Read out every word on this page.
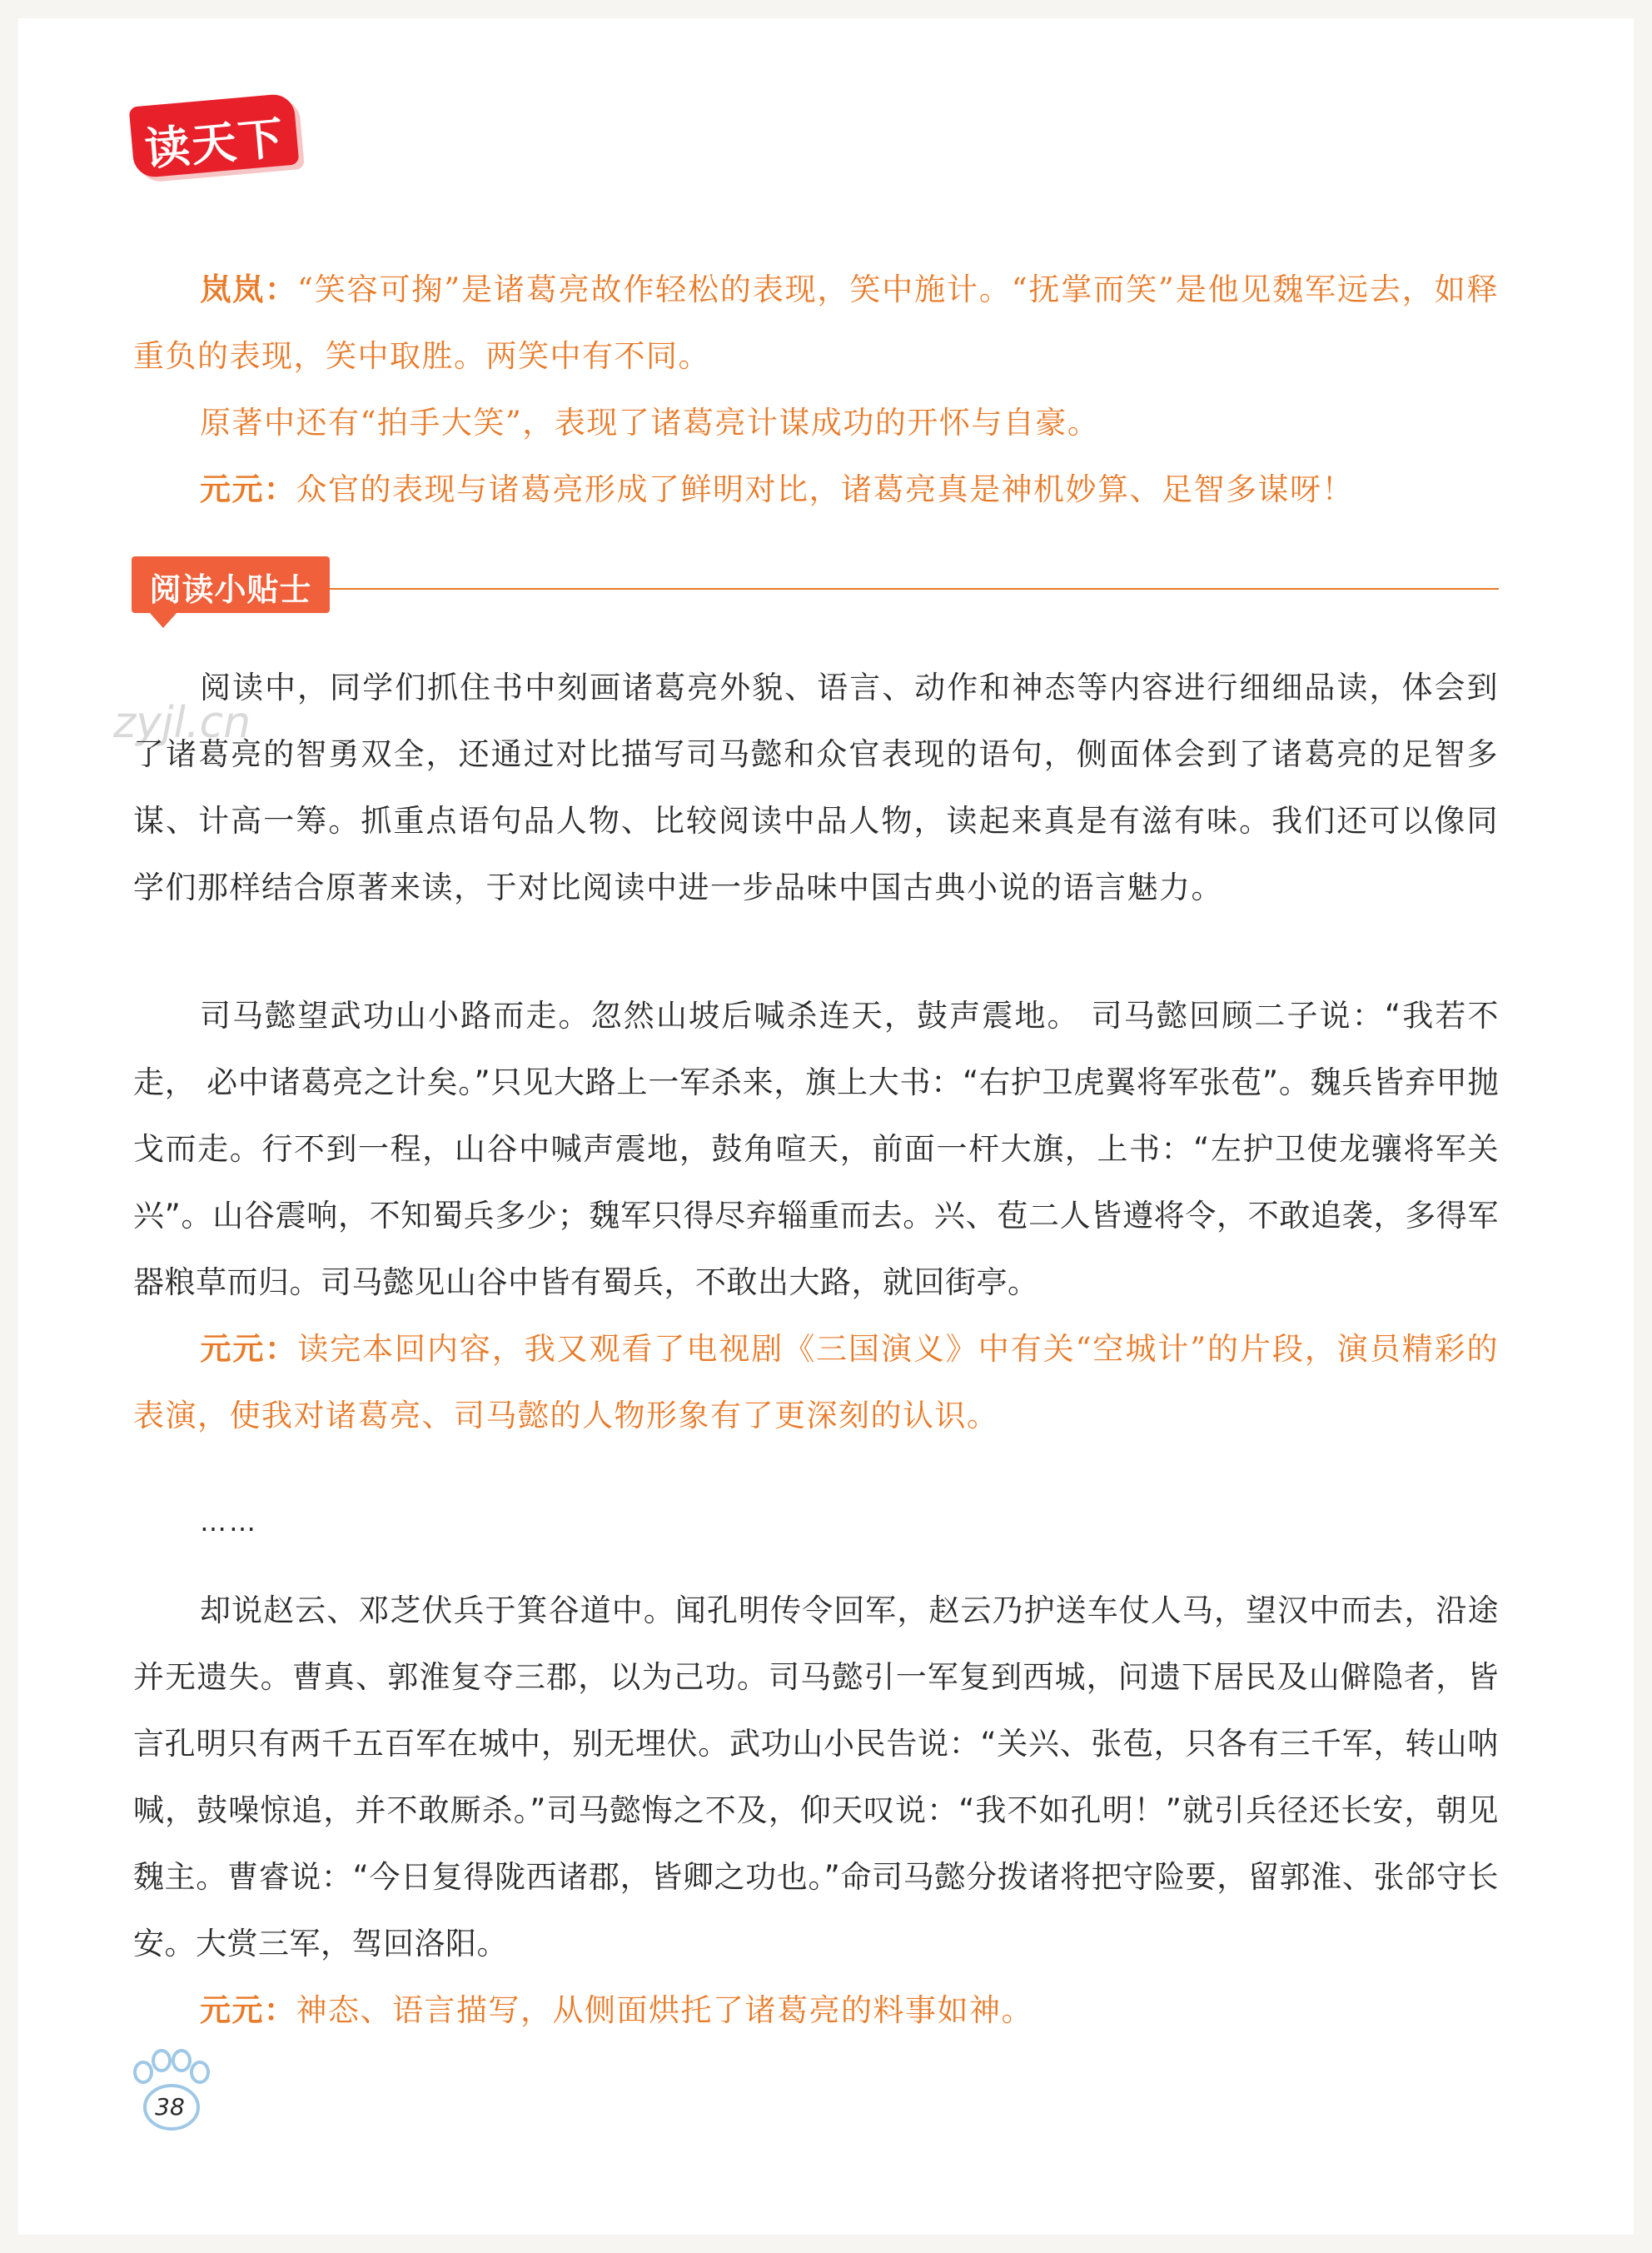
读天下

岚岚：“笑容可掬”是诸葛亮故作轻松的表现，笑中施计。“抚掌而笑”是他见魏军远去，如释重负的表现，笑中取胜。两笑中有不同。

原著中还有“拍手大笑”，表现了诸葛亮计谋成功的开怀与自豪。

元元：众官的表现与诸葛亮形成了鲜明对比，诸葛亮真是神机妙算、足智多谋呀！

阅读小贴士
zyjl.cn

阅读中，同学们抓住书中刻画诸葛亮外貌、语言、动作和神态等内容进行细细品读，体会到了诸葛亮的智勇双全，还通过对比描写司马懿和众官表现的语句，侧面体会到了诸葛亮的足智多谋、计高一筹。抓重点语句品人物、比较阅读中品人物，读起来真是有滋有味。我们还可以像同学们那样结合原著来读，于对比阅读中进一步品味中国古典小说的语言魅力。

司马懿望武功山小路而走。忽然山坡后喊杀连天，鼓声震地。 司马懿回顾二子说：“我若不走， 必中诸葛亮之计矣。”只见大路上一军杀来，旗上大书：“右护卫虎翼将军张苞”。魏兵皆弃甲抛戈而走。行不到一程，山谷中喊声震地，鼓角喧天，前面一杆大旗，上书：“左护卫使龙骧将军关兴”。山谷震响，不知蜀兵多少；魏军只得尽弃辎重而去。兴、苞二人皆遵将令，不敢追袭，多得军器粮草而归。司马懿见山谷中皆有蜀兵，不敢出大路，就回街亭。

元元：读完本回内容，我又观看了电视剧《三国演义》中有关“空城计”的片段，演员精彩的表演，使我对诸葛亮、司马懿的人物形象有了更深刻的认识。

……

却说赵云、邓芝伏兵于箕谷道中。闻孔明传令回军，赵云乃护送车仗人马，望汉中而去，沿途并无遗失。曹真、郭淮复夺三郡，以为己功。司马懿引一军复到西城，问遗下居民及山僻隐者，皆言孔明只有两千五百军在城中，别无埋伏。武功山小民告说：“关兴、张苞，只各有三千军，转山呐喊，鼓噪惊追，并不敢厮杀。”司马懿悔之不及，仰天叹说：“我不如孔明！”就引兵径还长安，朝见魏主。曹睿说：“今日复得陇西诸郡，皆卿之功也。”命司马懿分拨诸将把守险要，留郭淮、张郃守长安。大赏三军，驾回洛阳。

元元：神态、语言描写，从侧面烘托了诸葛亮的料事如神。

38
